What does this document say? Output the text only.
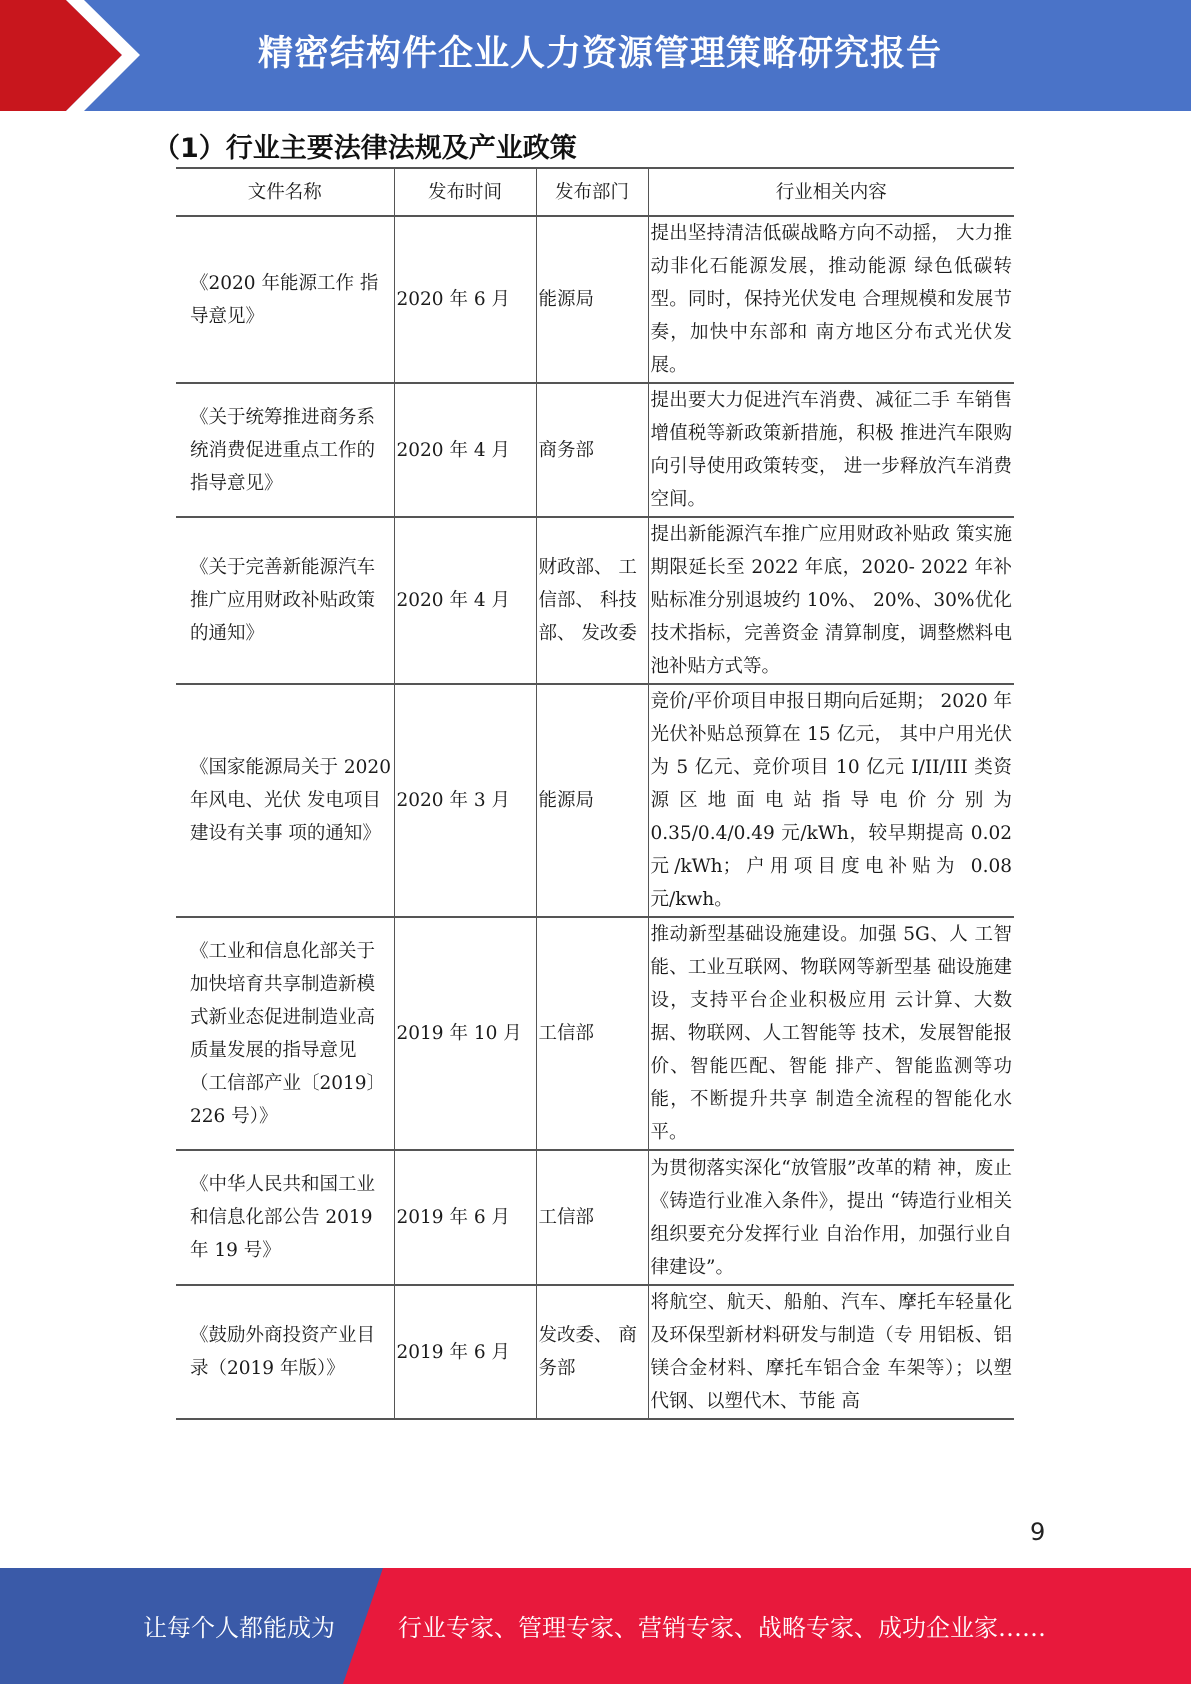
精密结构件企业人力资源管理策略研究报告
（1）行业主要法律法规及产业政策
文件名称	发布时间	发布部门	行业相关内容
《2020 年能源工作 指导意见》	2020 年 6 月	能源局	提出坚持清洁低碳战略方向不动摇， 大力推动非化石能源发展，推动能源 绿色低碳转型。同时，保持光伏发电 合理规模和发展节奏，加快中东部和 南方地区分布式光伏发展。
《关于统筹推进商务系统消费促进重点工作的指导意见》	2020 年 4 月	商务部	提出要大力促进汽车消费、减征二手 车销售增值税等新政策新措施，积极 推进汽车限购向引导使用政策转变， 进一步释放汽车消费空间。
《关于完善新能源汽车推广应用财政补贴政策的通知》	2020 年 4 月	财政部、 工信部、 科技部、 发改委	提出新能源汽车推广应用财政补贴政 策实施期限延长至 2022 年底，2020- 2022 年补贴标准分别退坡约 10%、 20%、30%优化技术指标，完善资金 清算制度，调整燃料电池补贴方式等。
《国家能源局关于 2020 年风电、光伏 发电项目建设有关事 项的通知》	2020 年 3 月	能源局	竞价/平价项目申报日期向后延期； 2020 年光伏补贴总预算在 15 亿元， 其中户用光伏为 5 亿元、竞价项目 10 亿元 I/II/III 类资源区地面电站指导电价分别为 0.35/0.4/0.49 元/kWh，较早期提高 0.02 元/kWh；户用项目度电补贴为 0.08 元/kwh。
《工业和信息化部关于加快培育共享制造新模式新业态促进制造业高质量发展的指导意见（工信部产业〔2019〕 226 号）》	2019 年 10 月	工信部	推动新型基础设施建设。加强 5G、人 工智能、工业互联网、物联网等新型基 础设施建设，支持平台企业积极应用 云计算、大数据、物联网、人工智能等 技术，发展智能报价、智能匹配、智能 排产、智能监测等功能，不断提升共享 制造全流程的智能化水平。
《中华人民共和国工业和信息化部公告 2019 年 19 号》	2019 年 6 月	工信部	为贯彻落实深化“放管服”改革的精 神，废止《铸造行业准入条件》，提出 “铸造行业相关组织要充分发挥行业 自治作用，加强行业自律建设”。
《鼓励外商投资产业目录（2019 年版）》	2019 年 6 月	发改委、 商务部	将航空、航天、船舶、汽车、摩托车轻量化及环保型新材料研发与制造（专 用铝板、铝镁合金材料、摩托车铝合金 车架等）；以塑代钢、以塑代木、节能 高
9
让每个人都能成为	行业专家、管理专家、营销专家、战略专家、成功企业家……
